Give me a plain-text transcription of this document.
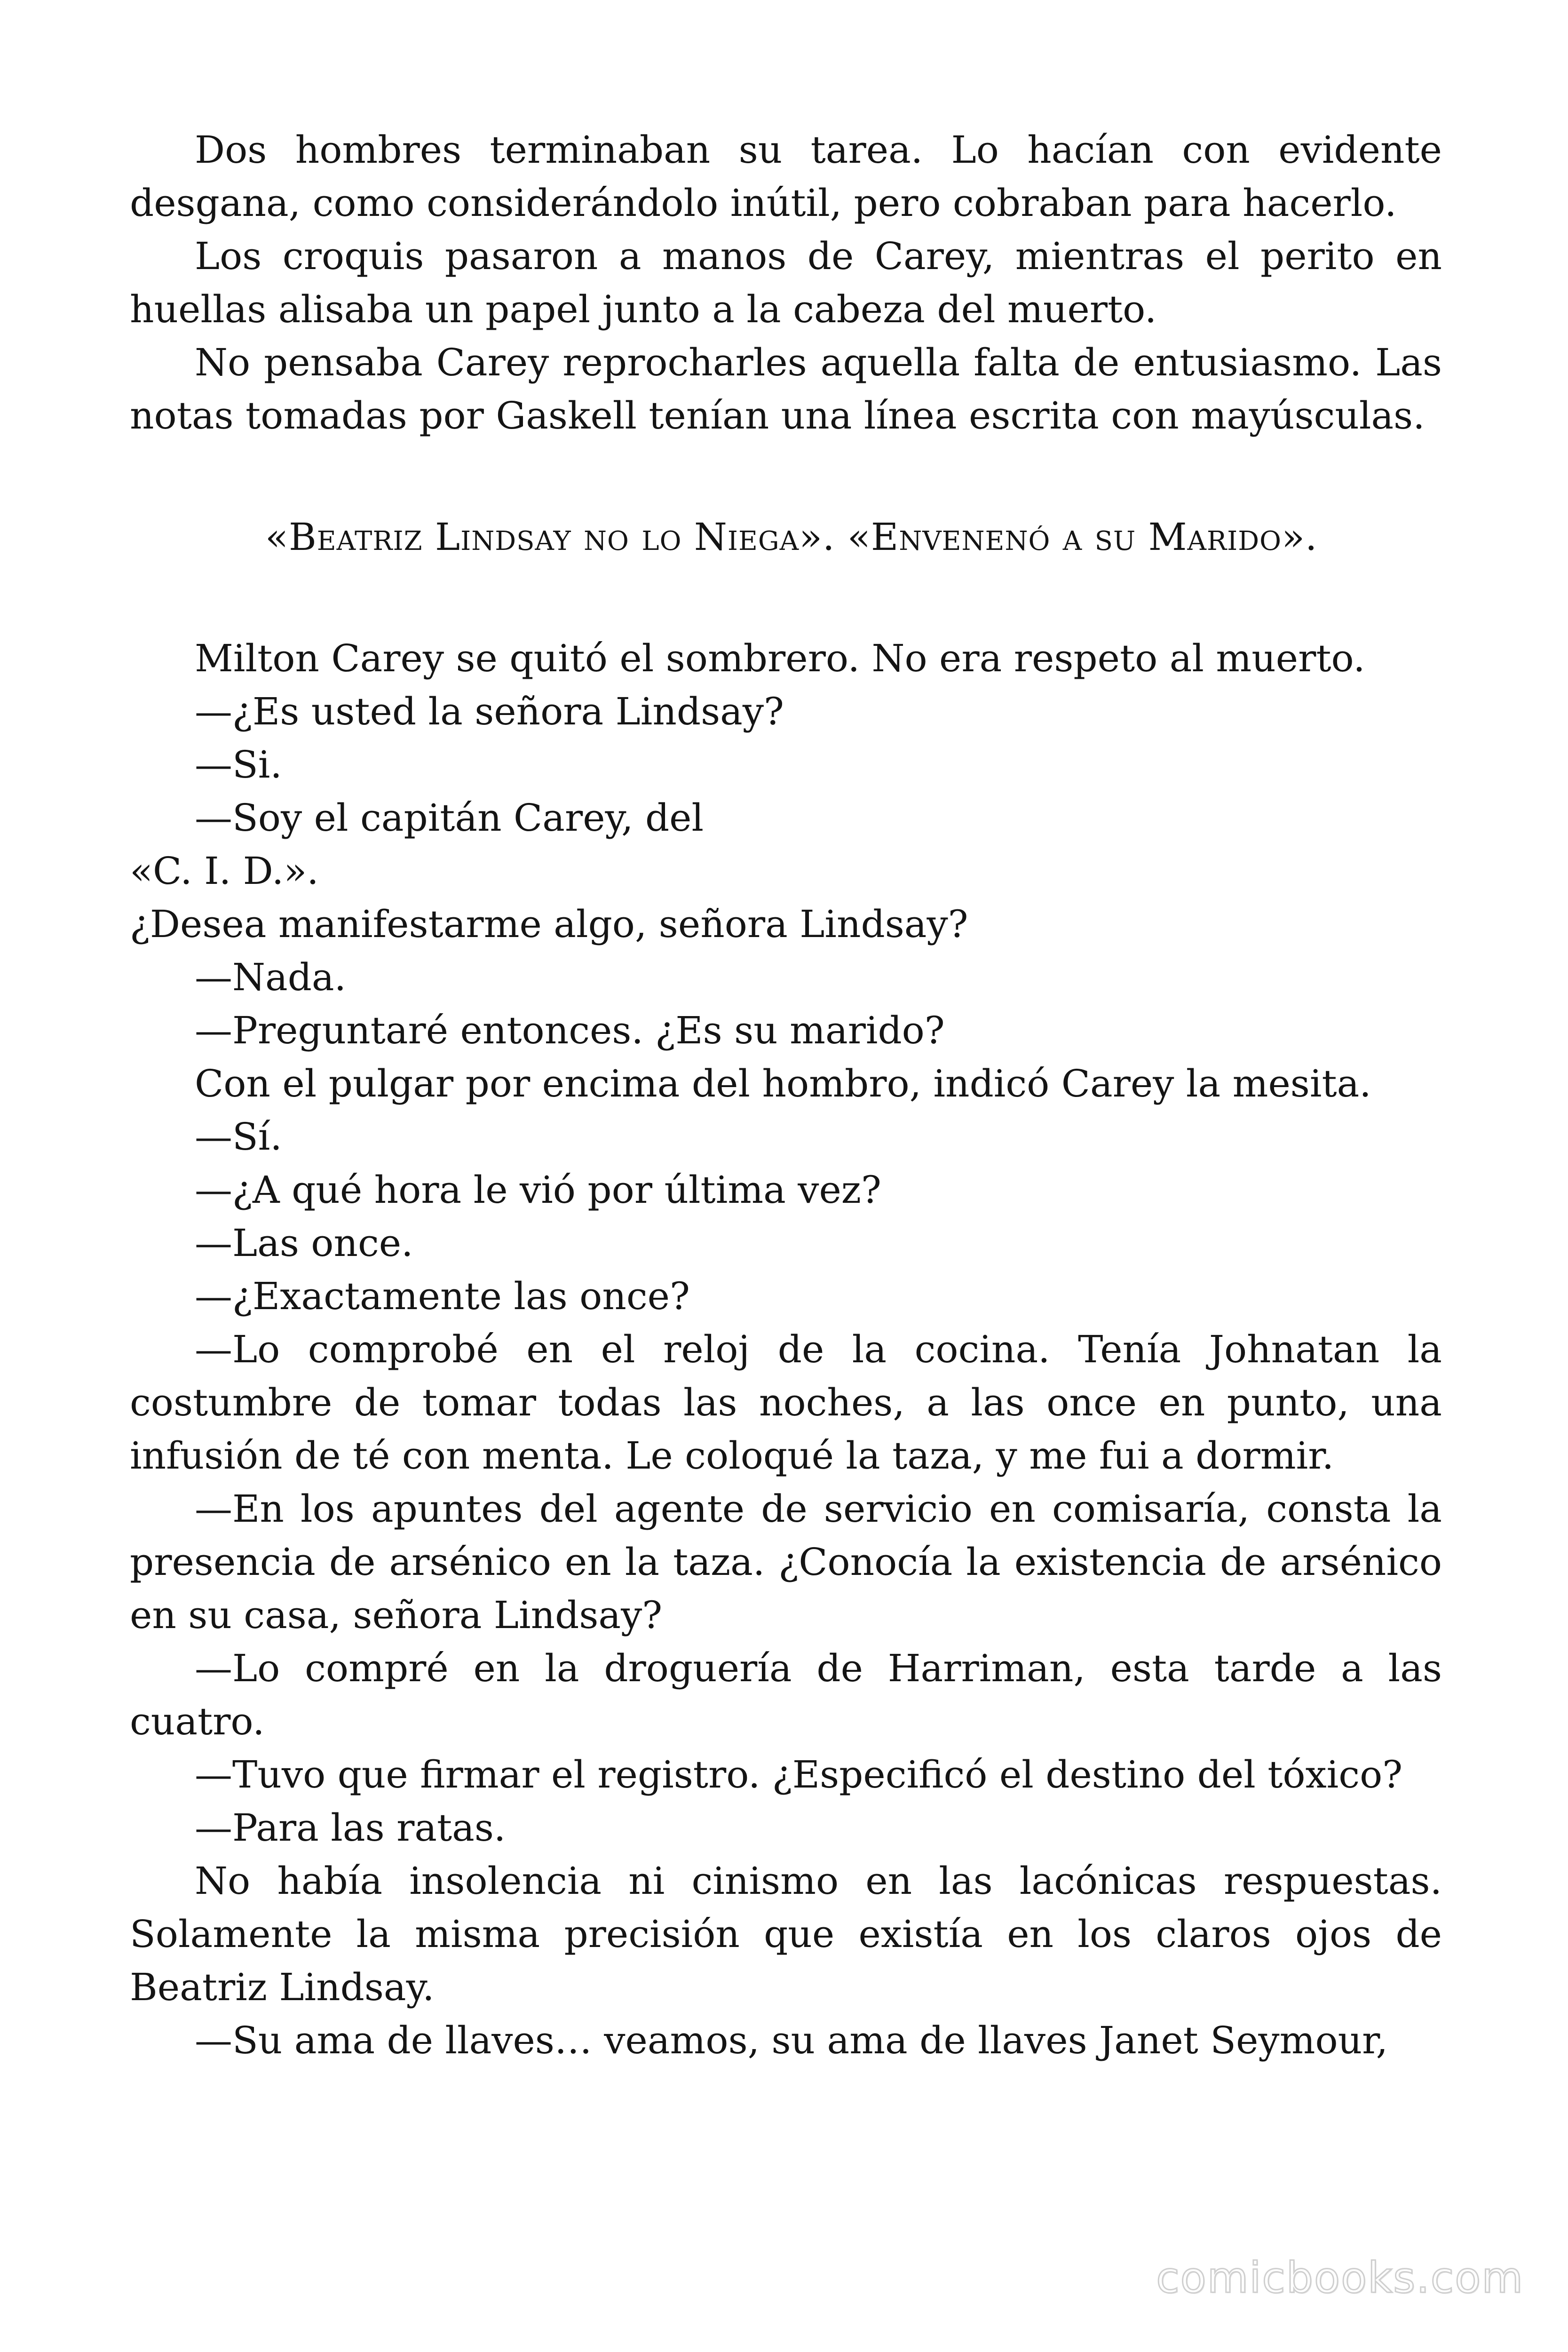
Dos hombres terminaban su tarea. Lo hacían con evidente desgana, como considerándolo inútil, pero cobraban para hacerlo.

Los croquis pasaron a manos de Carey, mientras el perito en huellas alisaba un papel junto a la cabeza del muerto.

No pensaba Carey reprocharles aquella falta de entusiasmo. Las notas tomadas por Gaskell tenían una línea escrita con mayúsculas.

«Beatriz Lindsay no lo Niega». «Envenenó a su Marido».

Milton Carey se quitó el sombrero. No era respeto al muerto.

—¿Es usted la señora Lindsay?

—Si.

—Soy el capitán Carey, del

«C. I. D.».

¿Desea manifestarme algo, señora Lindsay?

—Nada.

—Preguntaré entonces. ¿Es su marido?

Con el pulgar por encima del hombro, indicó Carey la mesita.

—Sí.

—¿A qué hora le vió por última vez?

—Las once.

—¿Exactamente las once?

—Lo comprobé en el reloj de la cocina. Tenía Johnatan la costumbre de tomar todas las noches, a las once en punto, una infusión de té con menta. Le coloqué la taza, y me fui a dormir.

—En los apuntes del agente de servicio en comisaría, consta la presencia de arsénico en la taza. ¿Conocía la existencia de arsénico en su casa, señora Lindsay?

—Lo compré en la droguería de Harriman, esta tarde a las cuatro.

—Tuvo que firmar el registro. ¿Especificó el destino del tóxico?

—Para las ratas.

No había insolencia ni cinismo en las lacónicas respuestas. Solamente la misma precisión que existía en los claros ojos de Beatriz Lindsay.

—Su ama de llaves… veamos, su ama de llaves Janet Seymour,

comicbooks.com
